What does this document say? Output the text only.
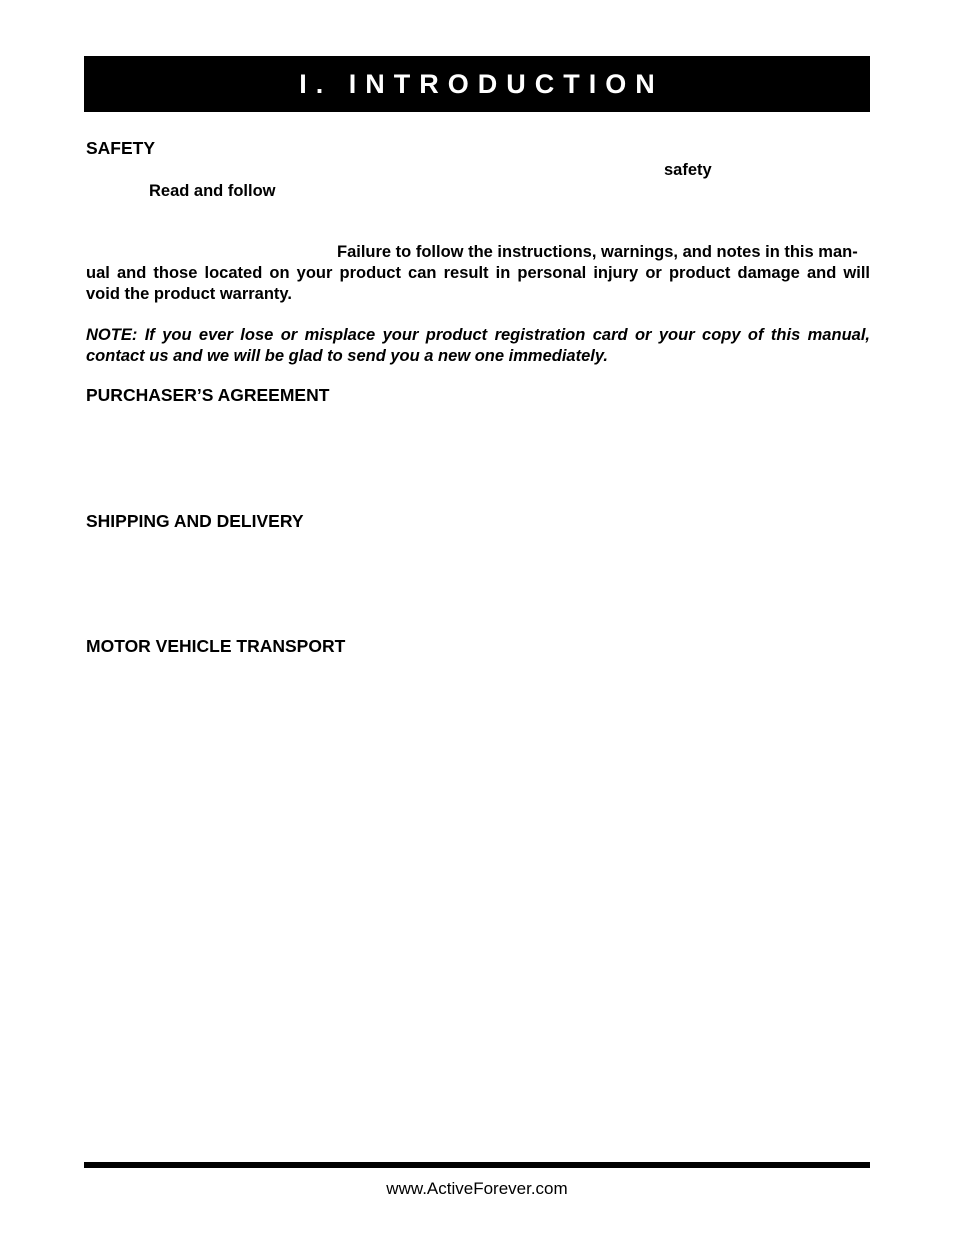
I. INTRODUCTION
SAFETY
safety
Read and follow
Failure to follow the instructions, warnings, and notes in this man-
ual and those located on your product can result in personal injury or product damage and will
void the product warranty.
NOTE: If you ever lose or misplace your product registration card or your copy of this manual,
contact us and we will be glad to send you a new one immediately.
PURCHASER’S AGREEMENT
SHIPPING AND DELIVERY
MOTOR VEHICLE TRANSPORT
www.ActiveForever.com
